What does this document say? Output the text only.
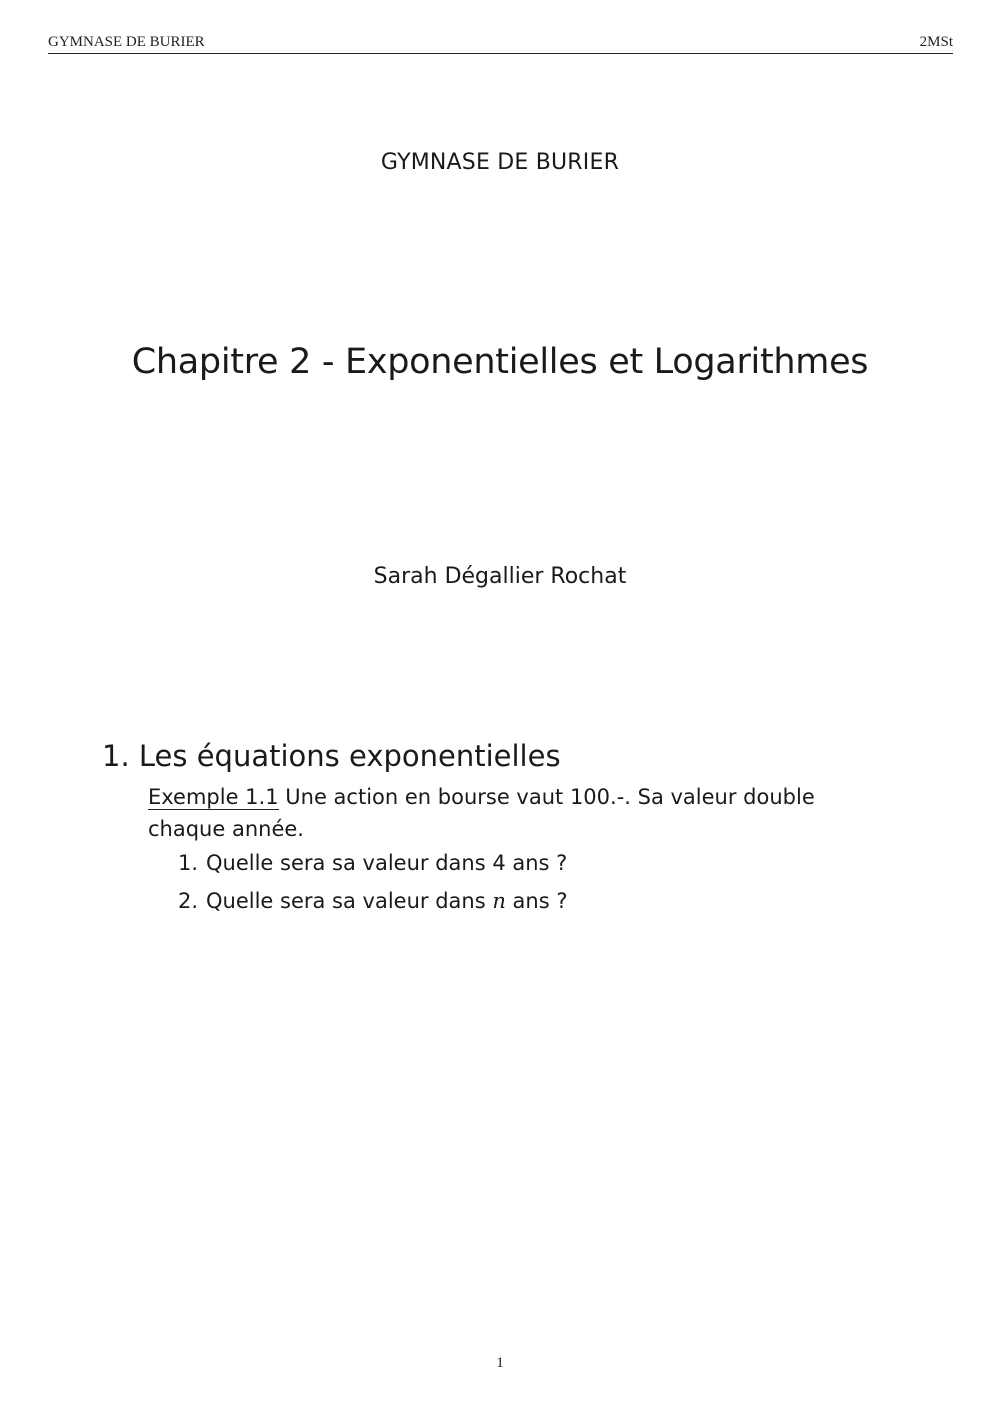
GYMNASE DE BURIER	2MSt
GYMNASE DE BURIER
Chapitre 2 - Exponentielles et Logarithmes
Sarah Dégallier Rochat
1. Les équations exponentielles
Exemple 1.1 Une action en bourse vaut 100.-. Sa valeur double chaque année.
1. Quelle sera sa valeur dans 4 ans ?
2. Quelle sera sa valeur dans n ans ?
1
